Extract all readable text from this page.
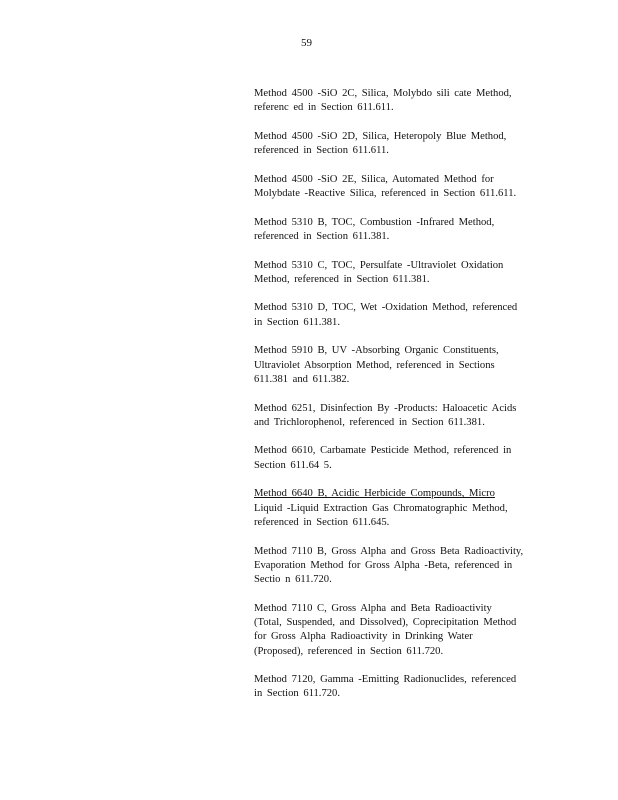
59

Method 4500 -SiO 2C, Silica, Molybdo sili cate Method,
referenc ed in Section 611.611.

Method 4500 -SiO 2D, Silica, Heteropoly Blue Method,
referenced in Section 611.611.

Method 4500 -SiO 2E, Silica, Automated Method for
Molybdate -Reactive Silica, referenced in Section 611.611.

Method 5310 B, TOC, Combustion -Infrared Method,
referenced in Section 611.381.

Method 5310 C, TOC, Persulfate -Ultraviolet Oxidation
Method, referenced in Section 611.381.

Method 5310 D, TOC, Wet -Oxidation Method, referenced
in Section 611.381.

Method 5910 B, UV -Absorbing Organic Constituents,
Ultraviolet Absorption Method, referenced in Sections
611.381 and 611.382.

Method 6251, Disinfection By -Products: Haloacetic Acids
and Trichlorophenol, referenced in Section 611.381.

Method 6610, Carbamate Pesticide Method, referenced in
Section 611.64 5.

Method 6640 B, Acidic Herbicide Compounds, Micro
Liquid -Liquid Extraction Gas Chromatographic Method,
referenced in Section 611.645.

Method 7110 B, Gross Alpha and Gross Beta Radioactivity,
Evaporation Method for Gross Alpha -Beta, referenced in
Sectio n 611.720.

Method 7110 C, Gross Alpha and Beta Radioactivity
(Total, Suspended, and Dissolved), Coprecipitation Method
for Gross Alpha Radioactivity in Drinking Water
(Proposed), referenced in Section 611.720.

Method 7120, Gamma -Emitting Radionuclides, referenced
in Section 611.720.
